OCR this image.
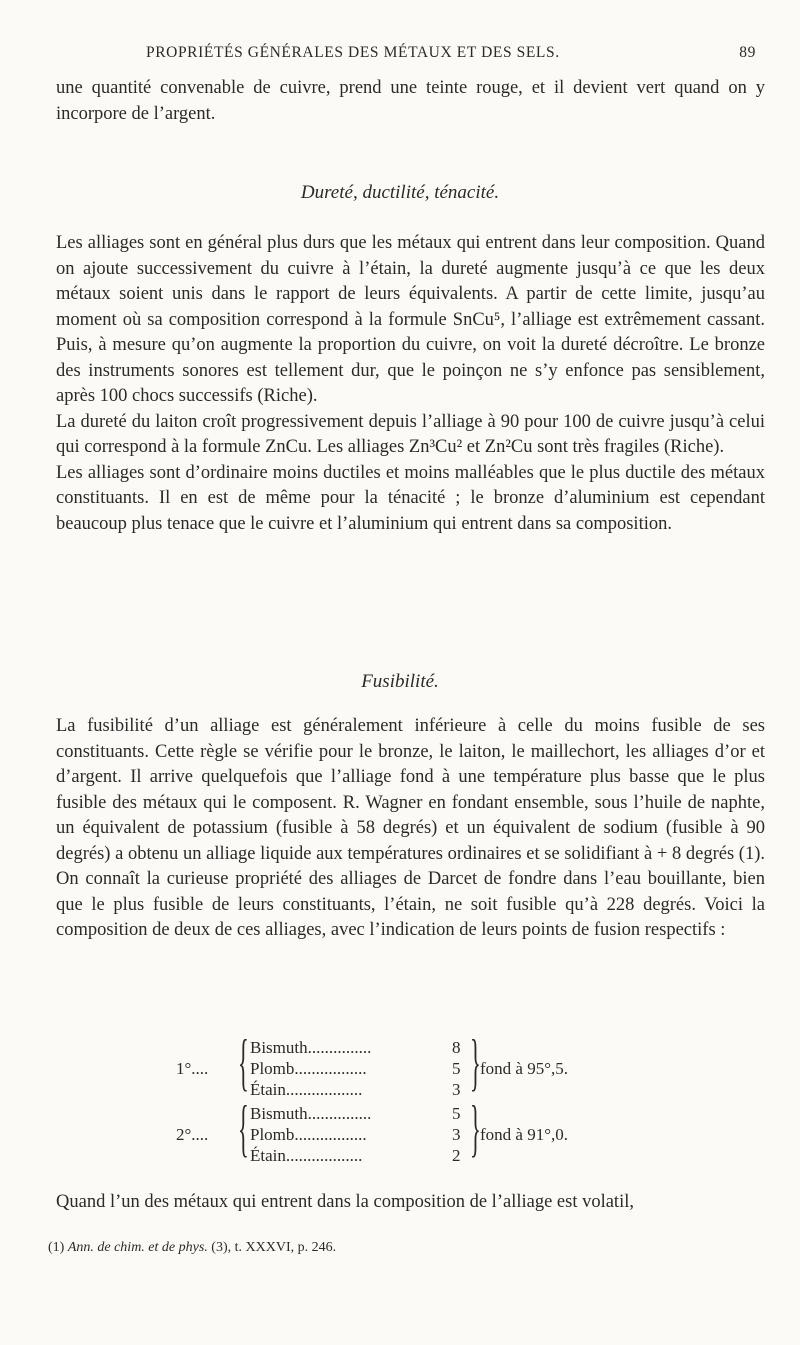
PROPRIÉTÉS GÉNÉRALES DES MÉTAUX ET DES SELS.	89

une quantité convenable de cuivre, prend une teinte rouge, et il devient vert quand on y incorpore de l’argent.

Dureté, ductilité, ténacité.

Les alliages sont en général plus durs que les métaux qui entrent dans leur composition. Quand on ajoute successivement du cuivre à l’étain, la dureté augmente jusqu’à ce que les deux métaux soient unis dans le rapport de leurs équivalents. A partir de cette limite, jusqu’au moment où sa composition correspond à la formule SnCu⁵, l’alliage est extrêmement cassant. Puis, à mesure qu’on augmente la proportion du cuivre, on voit la dureté décroître. Le bronze des instruments sonores est tellement dur, que le poinçon ne s’y enfonce pas sensiblement, après 100 chocs successifs (Riche).

La dureté du laiton croît progressivement depuis l’alliage à 90 pour 100 de cuivre jusqu’à celui qui correspond à la formule ZnCu. Les alliages Zn³Cu² et Zn²Cu sont très fragiles (Riche).

Les alliages sont d’ordinaire moins ductiles et moins malléables que le plus ductile des métaux constituants. Il en est de même pour la ténacité ; le bronze d’aluminium est cependant beaucoup plus tenace que le cuivre et l’aluminium qui entrent dans sa composition.

Fusibilité.

La fusibilité d’un alliage est généralement inférieure à celle du moins fusible de ses constituants. Cette règle se vérifie pour le bronze, le laiton, le maillechort, les alliages d’or et d’argent. Il arrive quelquefois que l’alliage fond à une température plus basse que le plus fusible des métaux qui le composent. R. Wagner en fondant ensemble, sous l’huile de naphte, un équivalent de potassium (fusible à 58 degrés) et un équivalent de sodium (fusible à 90 degrés) a obtenu un alliage liquide aux températures ordinaires et se solidifiant à + 8 degrés (1). On connaît la curieuse propriété des alliages de Darcet de fondre dans l’eau bouillante, bien que le plus fusible de leurs constituants, l’étain, ne soit fusible qu’à 228 degrés. Voici la composition de deux de ces alliages, avec l’indication de leurs points de fusion respectifs :

1°.... { Bismuth...............	8
Plomb.................	5
Étain..................	3 } fond à 95°,5.
2°.... { Bismuth...............	5
Plomb.................	3
Étain..................	2 } fond à 91°,0.

Quand l’un des métaux qui entrent dans la composition de l’alliage est volatil,

(1) Ann. de chim. et de phys. (3), t. XXXVI, p. 246.
